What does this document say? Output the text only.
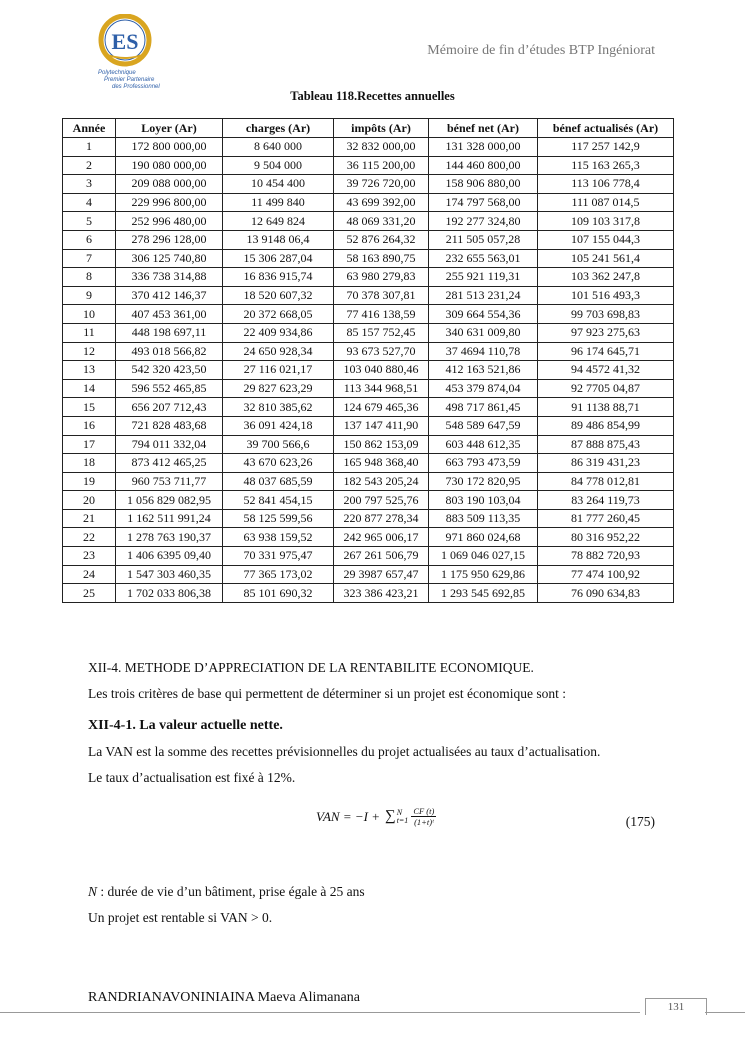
ES
Polytechnique
Premier Partenaire
des Professionnels
Mémoire de fin d’études BTP Ingéniorat
Tableau 118.Recettes annuelles
Année	Loyer (Ar)	charges (Ar)	impôts (Ar)	bénef net (Ar)	bénef actualisés (Ar)
1	172 800 000,00	8 640 000	32 832 000,00	131 328 000,00	117 257 142,9
2	190 080 000,00	9 504 000	36 115 200,00	144 460 800,00	115 163 265,3
3	209 088 000,00	10 454 400	39 726 720,00	158 906 880,00	113 106 778,4
4	229 996 800,00	11 499 840	43 699 392,00	174 797 568,00	111 087 014,5
5	252 996 480,00	12 649 824	48 069 331,20	192 277 324,80	109 103 317,8
6	278 296 128,00	13 9148 06,4	52 876 264,32	211 505 057,28	107 155 044,3
7	306 125 740,80	15 306 287,04	58 163 890,75	232 655 563,01	105 241 561,4
8	336 738 314,88	16 836 915,74	63 980 279,83	255 921 119,31	103 362 247,8
9	370 412 146,37	18 520 607,32	70 378 307,81	281 513 231,24	101 516 493,3
10	407 453 361,00	20 372 668,05	77 416 138,59	309 664 554,36	99 703 698,83
11	448 198 697,11	22 409 934,86	85 157 752,45	340 631 009,80	97 923 275,63
12	493 018 566,82	24 650 928,34	93 673 527,70	37 4694 110,78	96 174 645,71
13	542 320 423,50	27 116 021,17	103 040 880,46	412 163 521,86	94 4572 41,32
14	596 552 465,85	29 827 623,29	113 344 968,51	453 379 874,04	92 7705 04,87
15	656 207 712,43	32 810 385,62	124 679 465,36	498 717 861,45	91 1138 88,71
16	721 828 483,68	36 091 424,18	137 147 411,90	548 589 647,59	89 486 854,99
17	794 011 332,04	39 700 566,6	150 862 153,09	603 448 612,35	87 888 875,43
18	873 412 465,25	43 670 623,26	165 948 368,40	663 793 473,59	86 319 431,23
19	960 753 711,77	48 037 685,59	182 543 205,24	730 172 820,95	84 778 012,81
20	1 056 829 082,95	52 841 454,15	200 797 525,76	803 190 103,04	83 264 119,73
21	1 162 511 991,24	58 125 599,56	220 877 278,34	883 509 113,35	81 777 260,45
22	1 278 763 190,37	63 938 159,52	242 965 006,17	971 860 024,68	80 316 952,22
23	1 406 6395 09,40	70 331 975,47	267 261 506,79	1 069 046 027,15	78 882 720,93
24	1 547 303 460,35	77 365 173,02	29 3987 657,47	1 175 950 629,86	77 474 100,92
25	1 702 033 806,38	85 101 690,32	323 386 423,21	1 293 545 692,85	76 090 634,83
XII-4. METHODE D’APPRECIATION DE LA RENTABILITE ECONOMIQUE.
Les trois critères de base qui permettent de déterminer si un projet est économique sont :
XII-4-1. La valeur actuelle nette.
La VAN est la somme des recettes prévisionnelles du projet actualisées au taux d’actualisation.
Le taux d’actualisation est fixé à 12%.
VAN = −I + ∑ N
$t=1 \frac{CF (t)}{\text{(1+t)ᵗ}}$	(175)
N : durée de vie d’un bâtiment, prise égale à 25 ans
Un projet est rentable si VAN > 0.
RANDRIANAVONINIAINA Maeva Alimanana
131
